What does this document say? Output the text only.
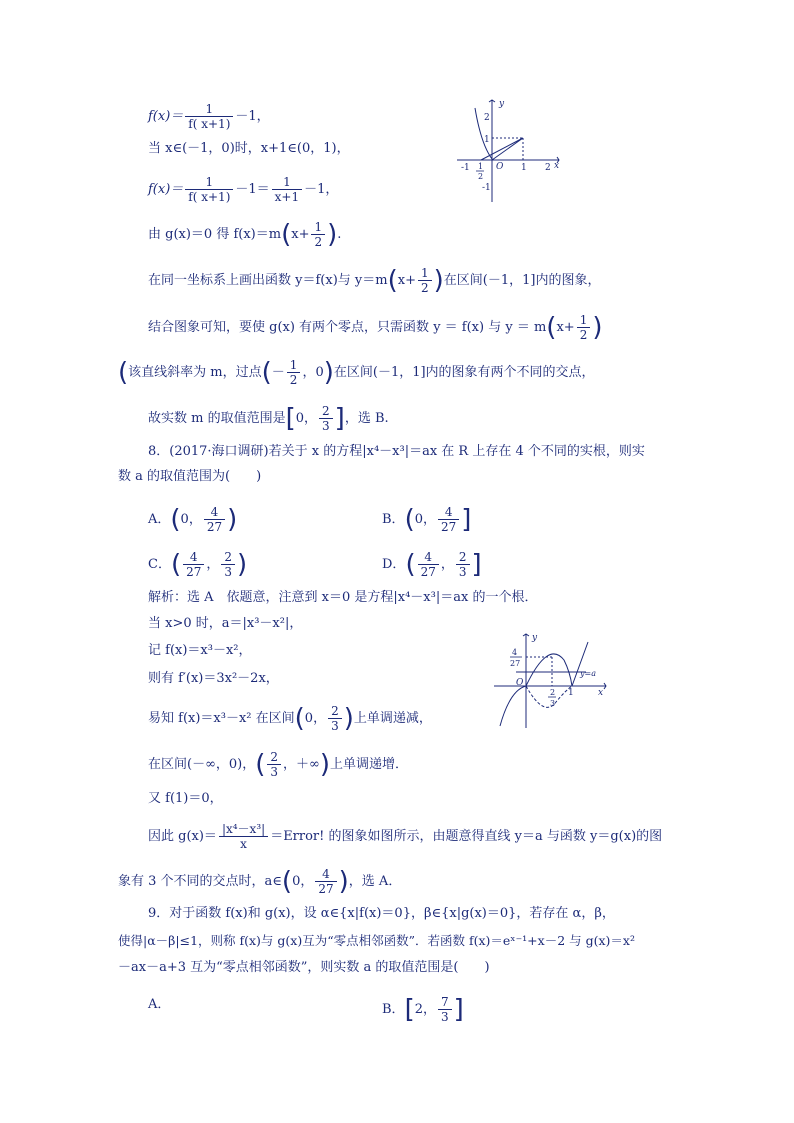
$f(x)= \frac{1}{f( x+1)} -1$，
当 x∈(－1，0)时，x+1∈(0，1)，
$f(x)= \frac{1}{f( x+1)} -1= \frac{1}{x+1} -1$，
由 g(x)＝0 得 $f(x)=m(x+ \frac{1}{2}$ ).
在同一坐标系上画出函数 y＝f(x)与 $y=m(x+ \frac{1}{2}$ )在区间(－1，1]内的图象，
结合图象可知，要使 g(x) 有两个零点，只需函数 y ＝ f(x) 与 $y = m(x+ \frac{1}{2}$ )
(该直线斜率为 m，过点(－ $\frac{1}{2}$ ，0)在区间(－1，1]内的图象有两个不同的交点，
故实数 m 的取值范围是[0， $\frac{2}{3}$ ]，选 B.
8．(2017·海口调研)若关于 x 的方程|x⁴－x³|＝ax 在 R 上存在 4 个不同的实根，则实
数 a 的取值范围为(　　)
A．(0， $\frac{4}{27}$ )	B．(0， $\frac{4}{27}$ ]
C．( $\frac{4}{27}$ ， $\frac{2}{3}$ )	D．( $\frac{4}{27}$ ， $\frac{2}{3}$ ]
解析：选 A　依题意，注意到 x＝0 是方程|x⁴－x³|＝ax 的一个根．
当 x>0 时，a＝|x³－x²|，
记 f(x)＝x³－x²，
则有 f′(x)＝3x²－2x，
易知 f(x)＝x³－x² 在区间(0， $\frac{2}{3}$ )上单调递减，
在区间(－∞，0)，( $\frac{2}{3}$ ，＋∞)上单调递增．
又 f(1)＝0，
因此 $g(x)= \frac{\text{|x⁴－x³|}}{x}$ ＝Error! 的图象如图所示，由题意得直线 y＝a 与函数 y＝g(x)的图
象有 3 个不同的交点时，a∈(0， $\frac{4}{27}$ )，选 A．
9．对于函数 f(x)和 g(x)，设 α∈{x|f(x)＝0}，β∈{x|g(x)＝0}，若存在 α，β，
使得|α－β|≤1，则称 f(x)与 g(x)互为“零点相邻函数”．若函数 f(x)＝eˣ⁻¹+x－2 与 g(x)＝x²
－ax－a+3 互为“零点相邻函数”，则实数 a 的取值范围是(　　)
A．	B．[2， $\frac{7}{3}$ ]
y
x
O
-1	1 2
2
1
-1
1
2
y
x
O
4
27
2
3
1
y=a
